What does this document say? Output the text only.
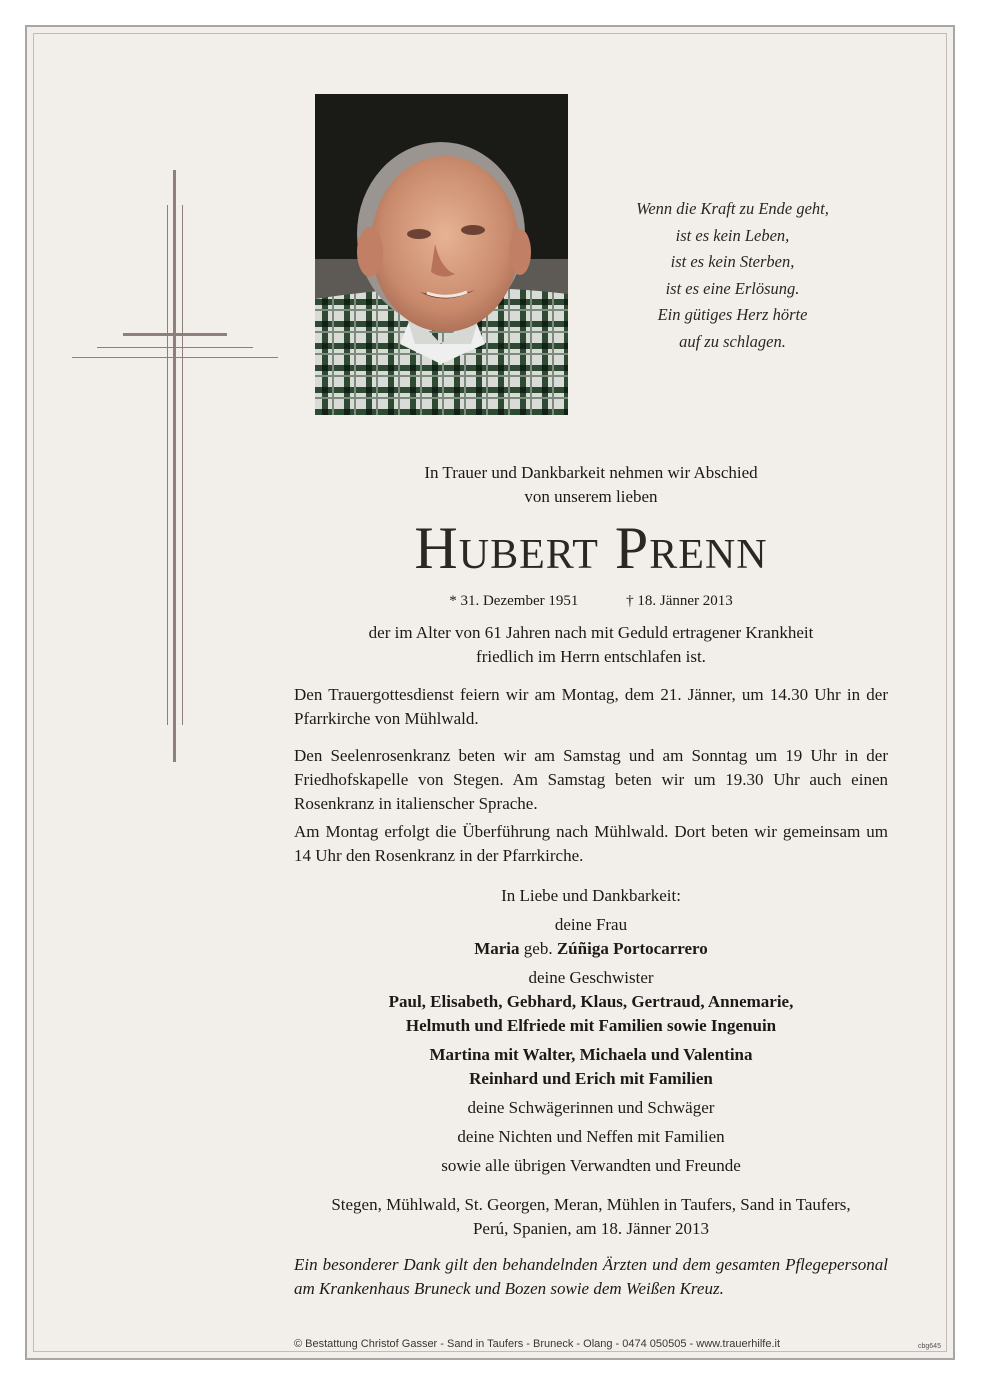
Wenn die Kraft zu Ende geht,
ist es kein Leben,
ist es kein Sterben,
ist es eine Erlösung.
Ein gütiges Herz hörte
auf zu schlagen.
In Trauer und Dankbarkeit nehmen wir Abschied
von unserem lieben
Hubert Prenn
* 31. Dezember 1951	† 18. Jänner 2013
der im Alter von 61 Jahren nach mit Geduld ertragener Krankheit
friedlich im Herrn entschlafen ist.
Den Trauergottesdienst feiern wir am Montag, dem 21. Jänner, um 14.30 Uhr in der Pfarrkirche von Mühlwald.
Den Seelenrosenkranz beten wir am Samstag und am Sonntag um 19 Uhr in der Friedhofskapelle von Stegen. Am Samstag beten wir um 19.30 Uhr auch einen Rosenkranz in italienscher Sprache.
Am Montag erfolgt die Überführung nach Mühlwald. Dort beten wir gemeinsam um 14 Uhr den Rosenkranz in der Pfarrkirche.
In Liebe und Dankbarkeit:
deine Frau
Maria geb. Zúñiga Portocarrero
deine Geschwister
Paul, Elisabeth, Gebhard, Klaus, Gertraud, Annemarie,
Helmuth und Elfriede mit Familien sowie Ingenuin
Martina mit Walter, Michaela und Valentina
Reinhard und Erich mit Familien
deine Schwägerinnen und Schwäger
deine Nichten und Neffen mit Familien
sowie alle übrigen Verwandten und Freunde
Stegen, Mühlwald, St. Georgen, Meran, Mühlen in Taufers, Sand in Taufers,
Perú, Spanien, am 18. Jänner 2013
Ein besonderer Dank gilt den behandelnden Ärzten und dem gesamten Pflegepersonal am Krankenhaus Bruneck und Bozen sowie dem Weißen Kreuz.
© Bestattung Christof Gasser - Sand in Taufers - Bruneck - Olang - 0474 050505 - www.trauerhilfe.it	cbg645
